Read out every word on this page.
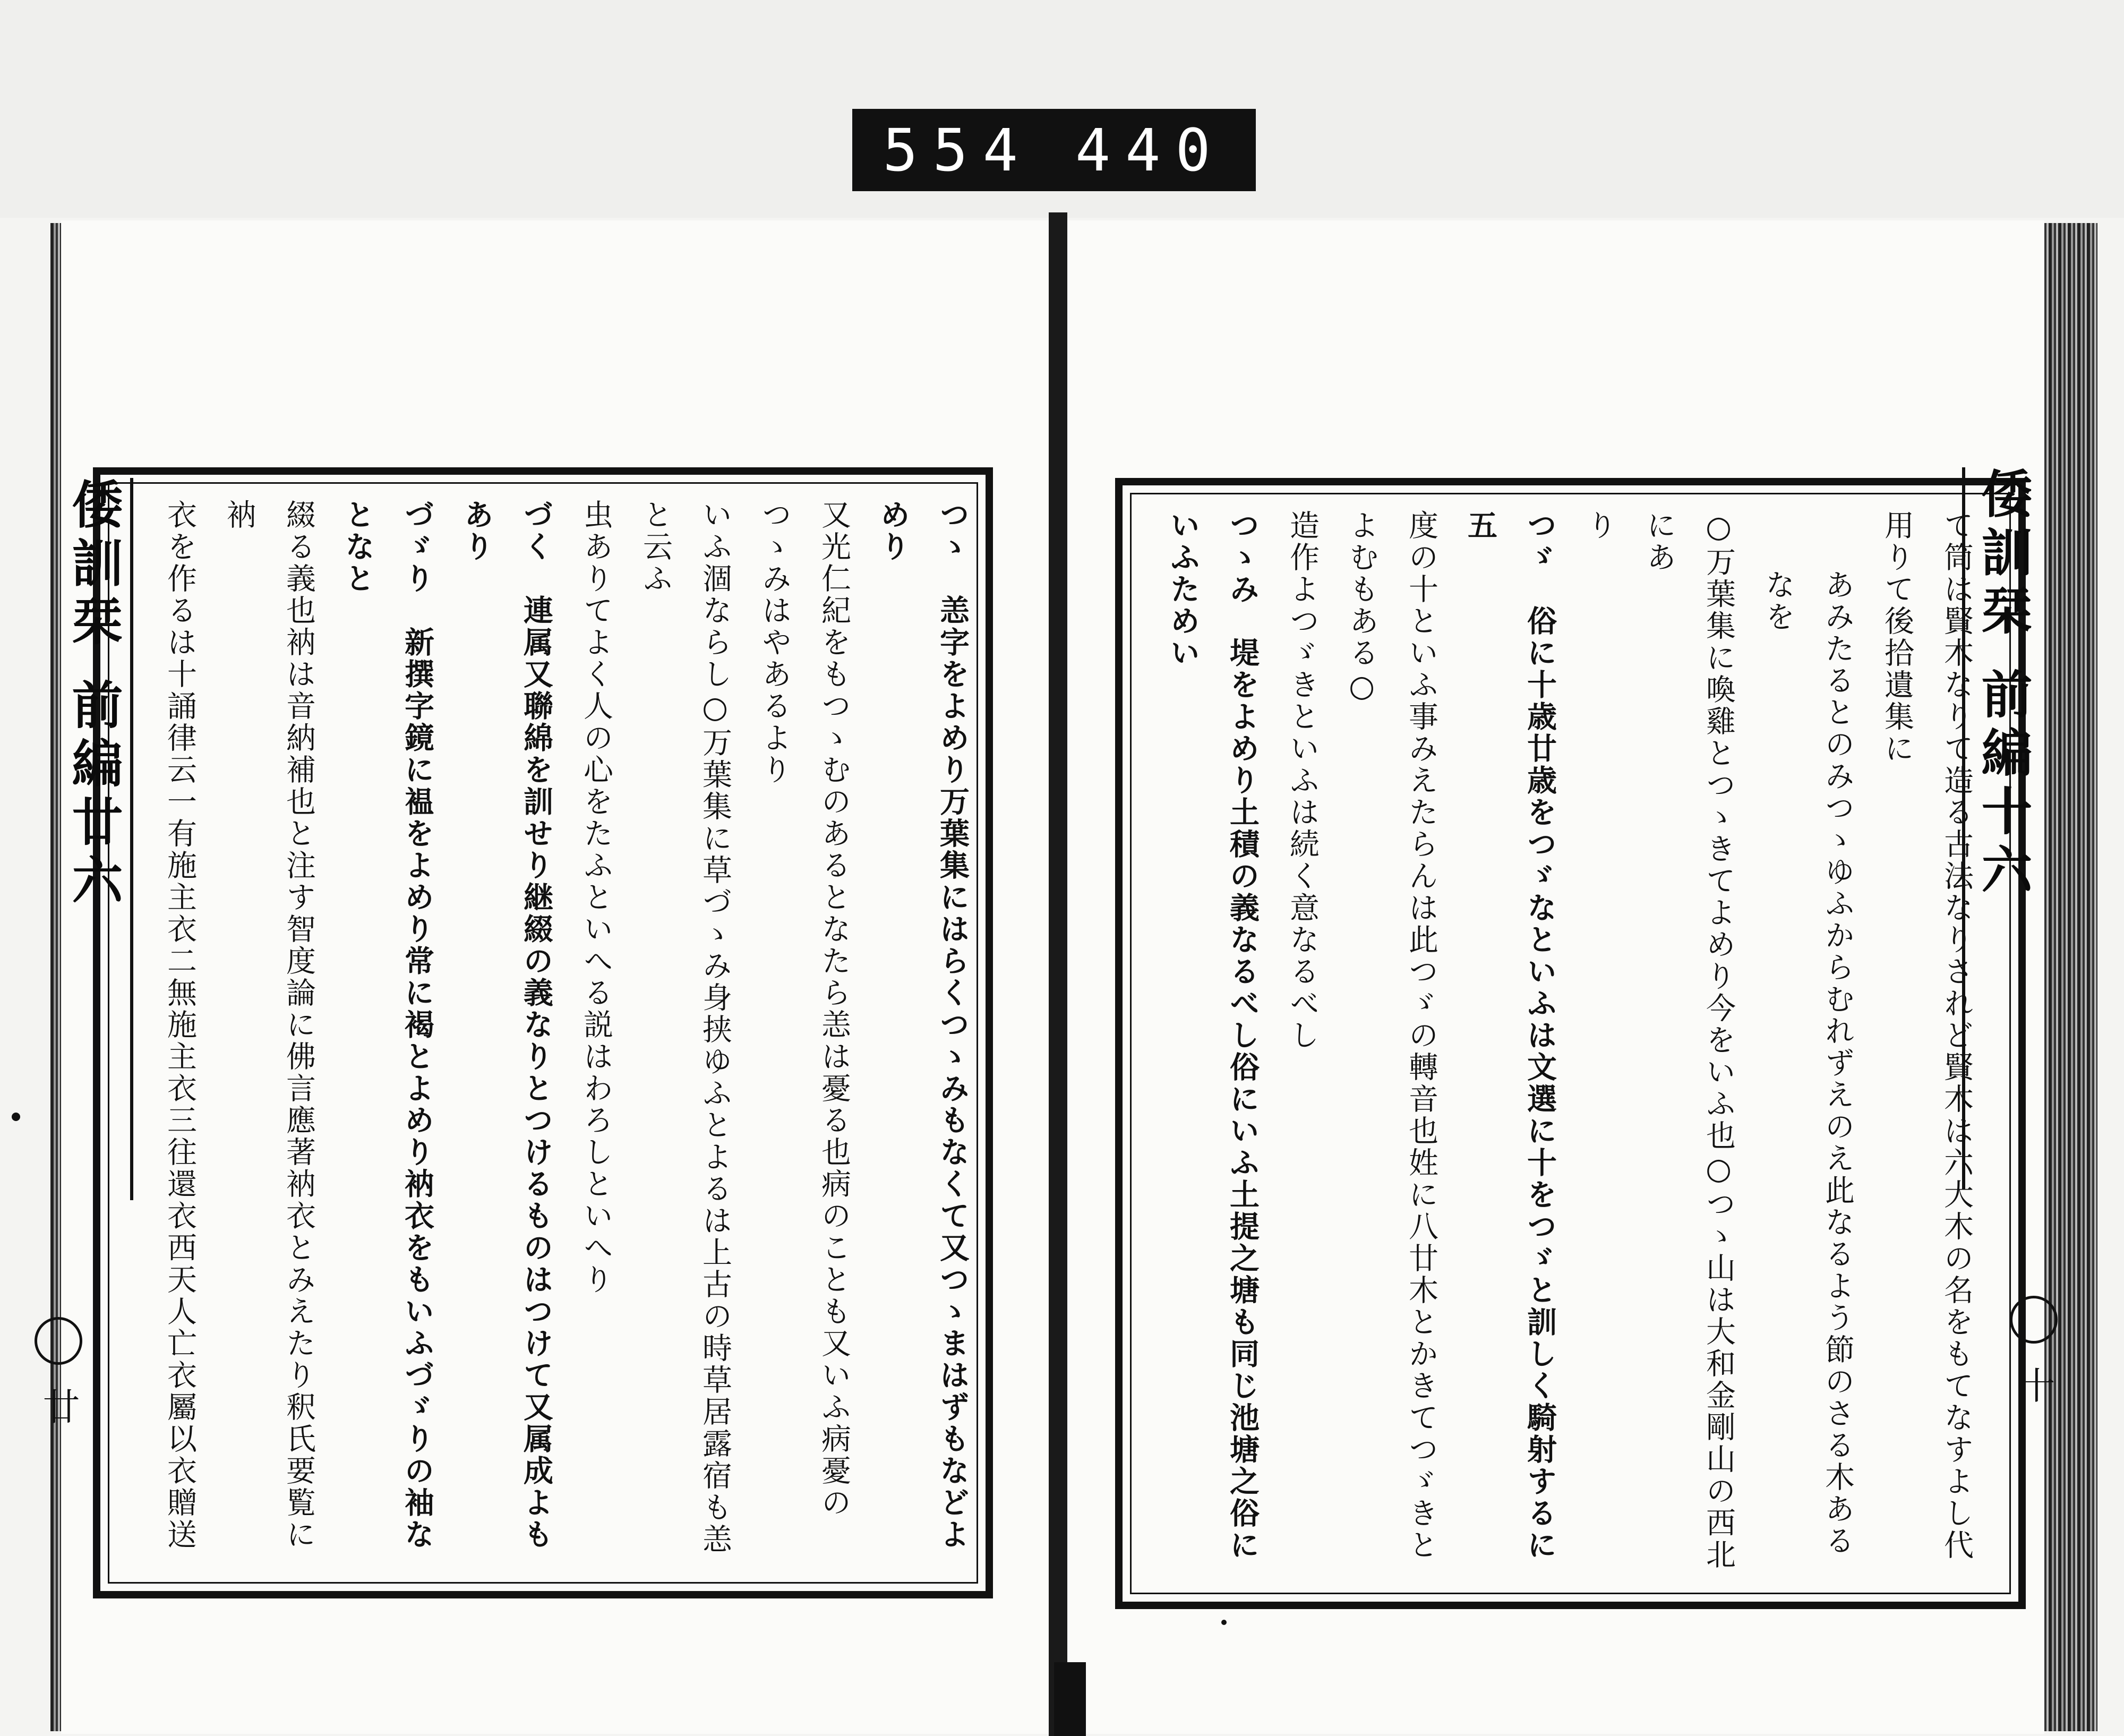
554 440
倭訓栞 前編廿六	倭訓栞 前編十六
て筒は賢木なりて造る古法なりされど賢木は六大木の名をもてなすよし代用りて後拾遺集に
あみたるとのみつゝゆふからむれずえのえ此なるよう節のさる木あるなを
○万葉集に喚雞とつゝきてよめり今をいふ也○つゝ山は大和金剛山の西北にあ
り
つゞ　俗に十歳廿歳をつゞなといふは文選に十をつゞと訓しく騎射するに五
度の十といふ事みえたらんは此つゞの轉音也姓に八廿木とかきてつゞきとよむもある○
造作よつゞきといふは続く意なるべし
つゝみ　堤をよめり土積の義なるべし俗にいふ土提之塘も同じ池塘之俗にいふためい
つゝ　恙字をよめり万葉集にはらくつゝみもなくて又つゝまはずもなどよめり
又光仁紀をもつゝむのあるとなたら恙は憂る也病のことも又いふ病憂のつゝみはやあるより
いふ涸ならし○万葉集に草づゝみ身挟ゆふとよるは上古の時草居露宿も恙と云ふ
虫ありてよく人の心をたふといへる説はわろしといへり
づく　連属又聯綿を訓せり継綴の義なりとつけるものはつけて又属成よもあり
づゞり　新撰字鏡に褞をよめり常に褐とよめり衲衣をもいふづゞりの袖なとなと
綴る義也衲は音納補也と注す智度論に佛言應著衲衣とみえたり釈氏要覧に衲
衣を作るは十誦律云一有施主衣二無施主衣三往還衣西天人亡衣屬以衣贈送
廿
十
